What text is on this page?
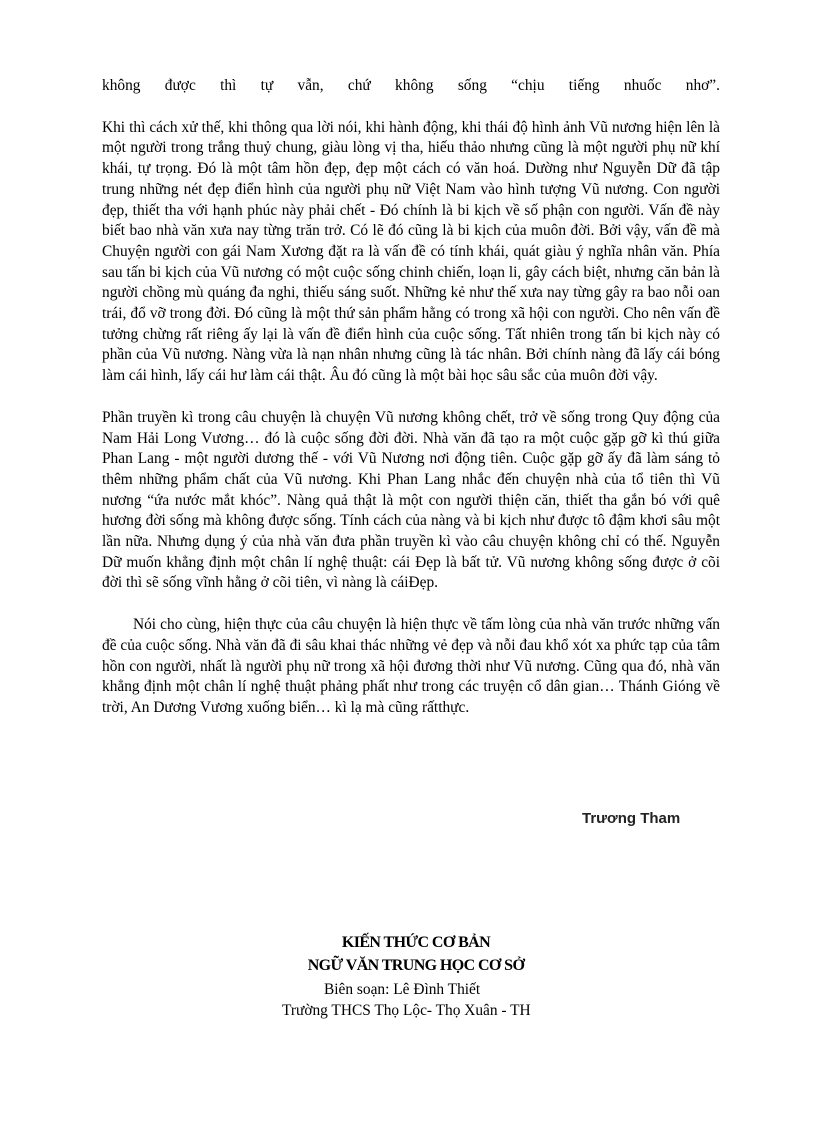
không được thì tự vẫn, chứ không sống “chịu tiếng nhuốc nhơ”.

Khi thì cách xử thế, khi thông qua lời nói, khi hành động, khi thái độ hình ảnh Vũ nương hiện lên là một người trong trắng thuỷ chung, giàu lòng vị tha, hiếu thảo nhưng cũng là một người phụ nữ khí khái, tự trọng. Đó là một tâm hồn đẹp, đẹp một cách có văn hoá. Dường như Nguyễn Dữ đã tập trung những nét đẹp điển hình của người phụ nữ Việt Nam vào hình tượng Vũ nương. Con người đẹp, thiết tha với hạnh phúc này phải chết - Đó chính là bi kịch về số phận con người. Vấn đề này biết bao nhà văn xưa nay từng trăn trở. Có lẽ đó cũng là bi kịch của muôn đời. Bởi vậy, vấn đề mà Chuyện người con gái Nam Xương đặt ra là vấn đề có tính khái, quát giàu ý nghĩa nhân văn. Phía sau tấn bi kịch của Vũ nương có một cuộc sống chinh chiến, loạn li, gây cách biệt, nhưng căn bản là người chồng mù quáng đa nghi, thiếu sáng suốt. Những kẻ như thế xưa nay từng gây ra bao nỗi oan trái, đổ vỡ trong đời. Đó cũng là một thứ sản phẩm hằng có trong xã hội con người. Cho nên vấn đề tưởng chừng rất riêng ấy lại là vấn đề điển hình của cuộc sống. Tất nhiên trong tấn bi kịch này có phần của Vũ nương. Nàng vừa là nạn nhân nhưng cũng là tác nhân. Bởi chính nàng đã lấy cái bóng làm cái hình, lấy cái hư làm cái thật. Âu đó cũng là một bài học sâu sắc của muôn đời vậy.

Phần truyền kì trong câu chuyện là chuyện Vũ nương không chết, trở về sống trong Quy động của Nam Hải Long Vương… đó là cuộc sống đời đời. Nhà văn đã tạo ra một cuộc gặp gỡ kì thú giữa Phan Lang - một người dương thế - với Vũ Nương nơi động tiên. Cuộc gặp gỡ ấy đã làm sáng tỏ thêm những phẩm chất của Vũ nương. Khi Phan Lang nhắc đến chuyện nhà của tổ tiên thì Vũ nương “ứa nước mắt khóc”. Nàng quả thật là một con người thiện căn, thiết tha gắn bó với quê hương đời sống mà không được sống. Tính cách của nàng và bi kịch như được tô đậm khơi sâu một lần nữa. Nhưng dụng ý của nhà văn đưa phần truyền kì vào câu chuyện không chỉ có thế. Nguyễn Dữ muốn khẳng định một chân lí nghệ thuật: cái Đẹp là bất tử. Vũ nương không sống được ở cõi đời thì sẽ sống vĩnh hằng ở cõi tiên, vì nàng là cáiĐẹp.

Nói cho cùng, hiện thực của câu chuyện là hiện thực về tấm lòng của nhà văn trước những vấn đề của cuộc sống. Nhà văn đã đi sâu khai thác những vẻ đẹp và nỗi đau khổ xót xa phức tạp của tâm hồn con người, nhất là người phụ nữ trong xã hội đương thời như Vũ nương. Cũng qua đó, nhà văn khẳng định một chân lí nghệ thuật phảng phất như trong các truyện cổ dân gian… Thánh Gióng về trời, An Dương Vương xuống biển… kì lạ mà cũng rấtthực.

Trương Tham
KIẾN THỨC CƠ BẢN
NGỮ VĂN TRUNG HỌC CƠ SỞ
Biên soạn: Lê Đình Thiết
Trường THCS Thọ Lộc- Thọ Xuân - TH
